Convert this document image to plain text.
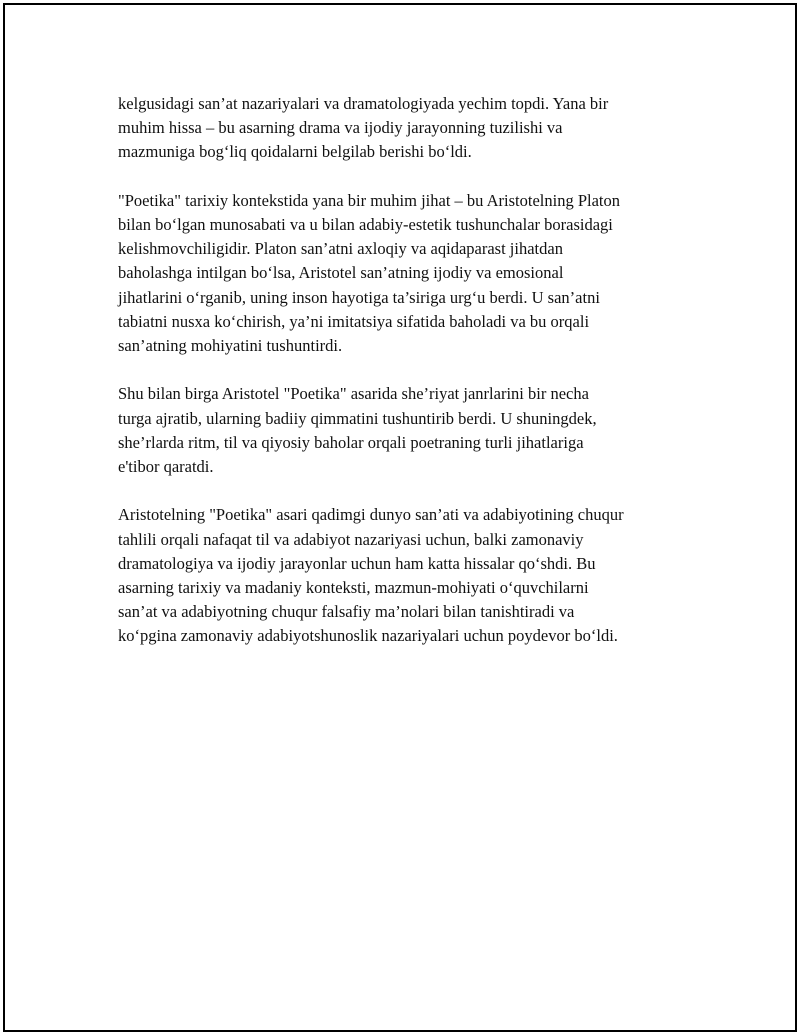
kelgusidagi san’at nazariyalari va dramatologiyada yechim topdi. Yana bir
muhim hissa – bu asarning drama va ijodiy jarayonning tuzilishi va
mazmuniga bog‘liq qoidalarni belgilab berishi bo‘ldi.
"Poetika" tarixiy kontekstida yana bir muhim jihat – bu Aristotelning Platon
bilan bo‘lgan munosabati va u bilan adabiy-estetik tushunchalar borasidagi
kelishmovchiligidir. Platon san’atni axloqiy va aqidaparast jihatdan
baholashga intilgan bo‘lsa, Aristotel san’atning ijodiy va emosional
jihatlarini o‘rganib, uning inson hayotiga ta’siriga urg‘u berdi. U san’atni
tabiatni nusxa ko‘chirish, ya’ni imitatsiya sifatida baholadi va bu orqali
san’atning mohiyatini tushuntirdi.
Shu bilan birga Aristotel "Poetika" asarida she’riyat janrlarini bir necha
turga ajratib, ularning badiiy qimmatini tushuntirib berdi. U shuningdek,
she’rlarda ritm, til va qiyosiy baholar orqali poetraning turli jihatlariga
e'tibor qaratdi.
Aristotelning "Poetika" asari qadimgi dunyo san’ati va adabiyotining chuqur
tahlili orqali nafaqat til va adabiyot nazariyasi uchun, balki zamonaviy
dramatologiya va ijodiy jarayonlar uchun ham katta hissalar qo‘shdi. Bu
asarning tarixiy va madaniy konteksti, mazmun-mohiyati o‘quvchilarni
san’at va adabiyotning chuqur falsafiy ma’nolari bilan tanishtiradi va
ko‘pgina zamonaviy adabiyotshunoslik nazariyalari uchun poydevor bo‘ldi.
